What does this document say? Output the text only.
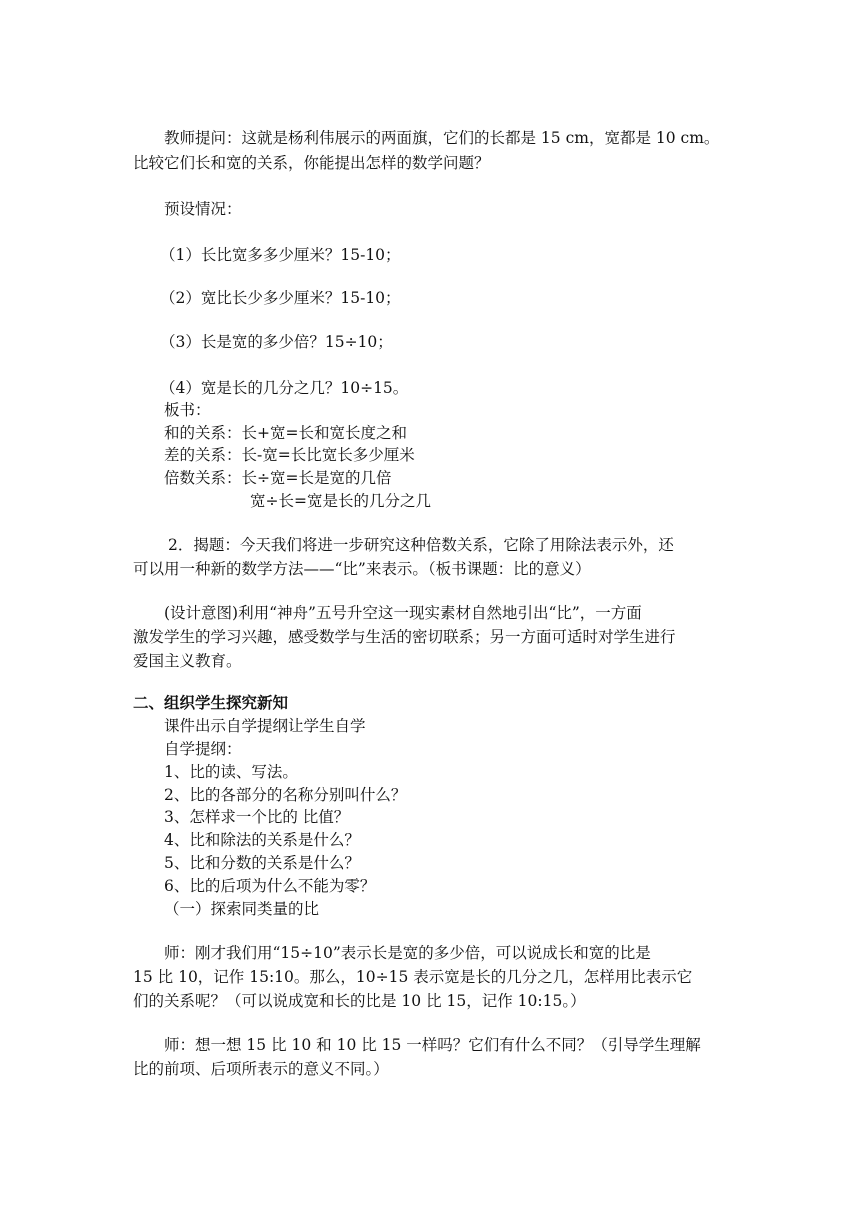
教师提问：这就是杨利伟展示的两面旗，它们的长都是 15 cm，宽都是 10 cm。
比较它们长和宽的关系，你能提出怎样的数学问题？
预设情况：
（1）长比宽多多少厘米？15-10；
（2）宽比长少多少厘米？15-10；
（3）长是宽的多少倍？15÷10；
（4）宽是长的几分之几？10÷15。
板书：
和的关系：长+宽=长和宽长度之和
差的关系：长-宽=长比宽长多少厘米
倍数关系：长÷宽=长是宽的几倍
宽÷长=宽是长的几分之几
2．揭题：今天我们将进一步研究这种倍数关系，它除了用除法表示外，还
可以用一种新的数学方法——“比”来表示。（板书课题：比的意义）
(设计意图)利用“神舟”五号升空这一现实素材自然地引出“比”，一方面
激发学生的学习兴趣，感受数学与生活的密切联系；另一方面可适时对学生进行
爱国主义教育。
二、组织学生探究新知
课件出示自学提纲让学生自学
自学提纲：
1、比的读、写法。
2、比的各部分的名称分别叫什么？
3、怎样求一个比的 比值？
4、比和除法的关系是什么？
5、比和分数的关系是什么？
6、比的后项为什么不能为零？
（一）探索同类量的比
师：刚才我们用“15÷10”表示长是宽的多少倍，可以说成长和宽的比是
15 比 10，记作 15:10。那么，10÷15 表示宽是长的几分之几，怎样用比表示它
们的关系呢？（可以说成宽和长的比是 10 比 15，记作 10:15。）
师：想一想 15 比 10 和 10 比 15 一样吗？它们有什么不同？（引导学生理解
比的前项、后项所表示的意义不同。）
